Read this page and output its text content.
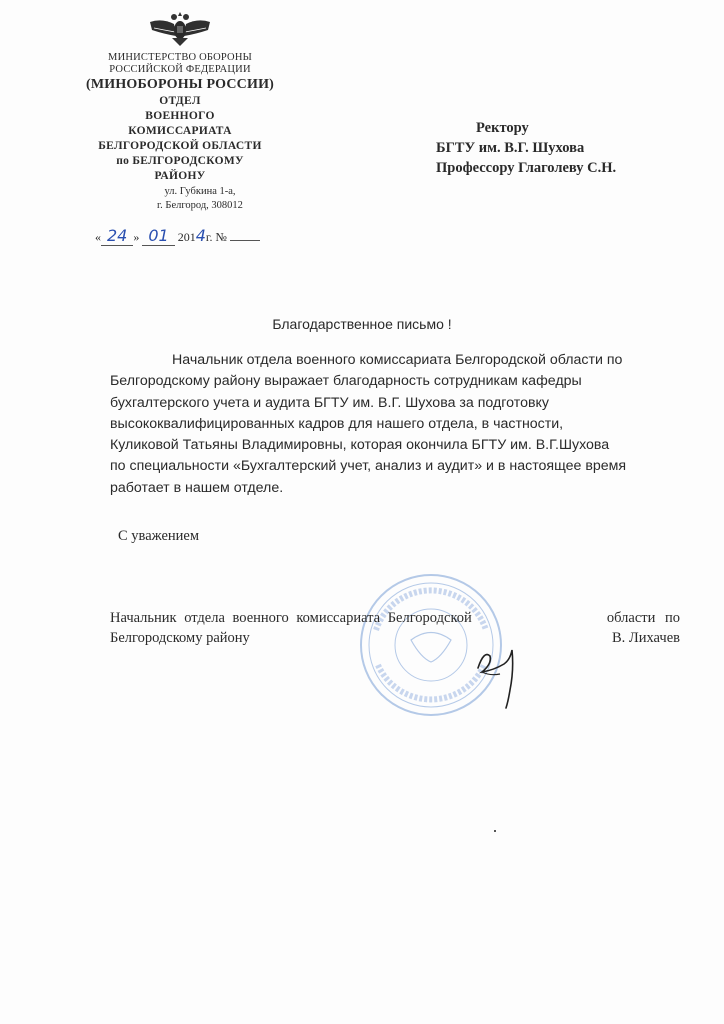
МИНИСТЕРСТВО ОБОРОНЫ
РОССИЙСКОЙ ФЕДЕРАЦИИ
(МИНОБОРОНЫ РОССИИ)
ОТДЕЛ
ВОЕННОГО
КОМИССАРИАТА
БЕЛГОРОДСКОЙ ОБЛАСТИ
по БЕЛГОРОДСКОМУ
РАЙОНУ
ул. Губкина 1-а,
г. Белгород, 308012
« 24 » 01 2014г. №
Ректору
БГТУ им. В.Г. Шухова
Профессору Глаголеву С.Н.
Благодарственное письмо !
Начальник отдела военного комиссариата Белгородской области по
Белгородскому району выражает благодарность сотрудникам кафедры
бухгалтерского учета и аудита БГТУ им. В.Г. Шухова за подготовку
высококвалифицированных кадров для нашего отдела, в частности,
Куликовой Татьяны Владимировны, которая окончила БГТУ им. В.Г.Шухова
по специальности «Бухгалтерский учет, анализ и аудит» и в настоящее время
работает в нашем отделе.
С уважением
Начальник отдела военного комиссариата Белгородской	области по
Белгородскому району	В. Лихачев
